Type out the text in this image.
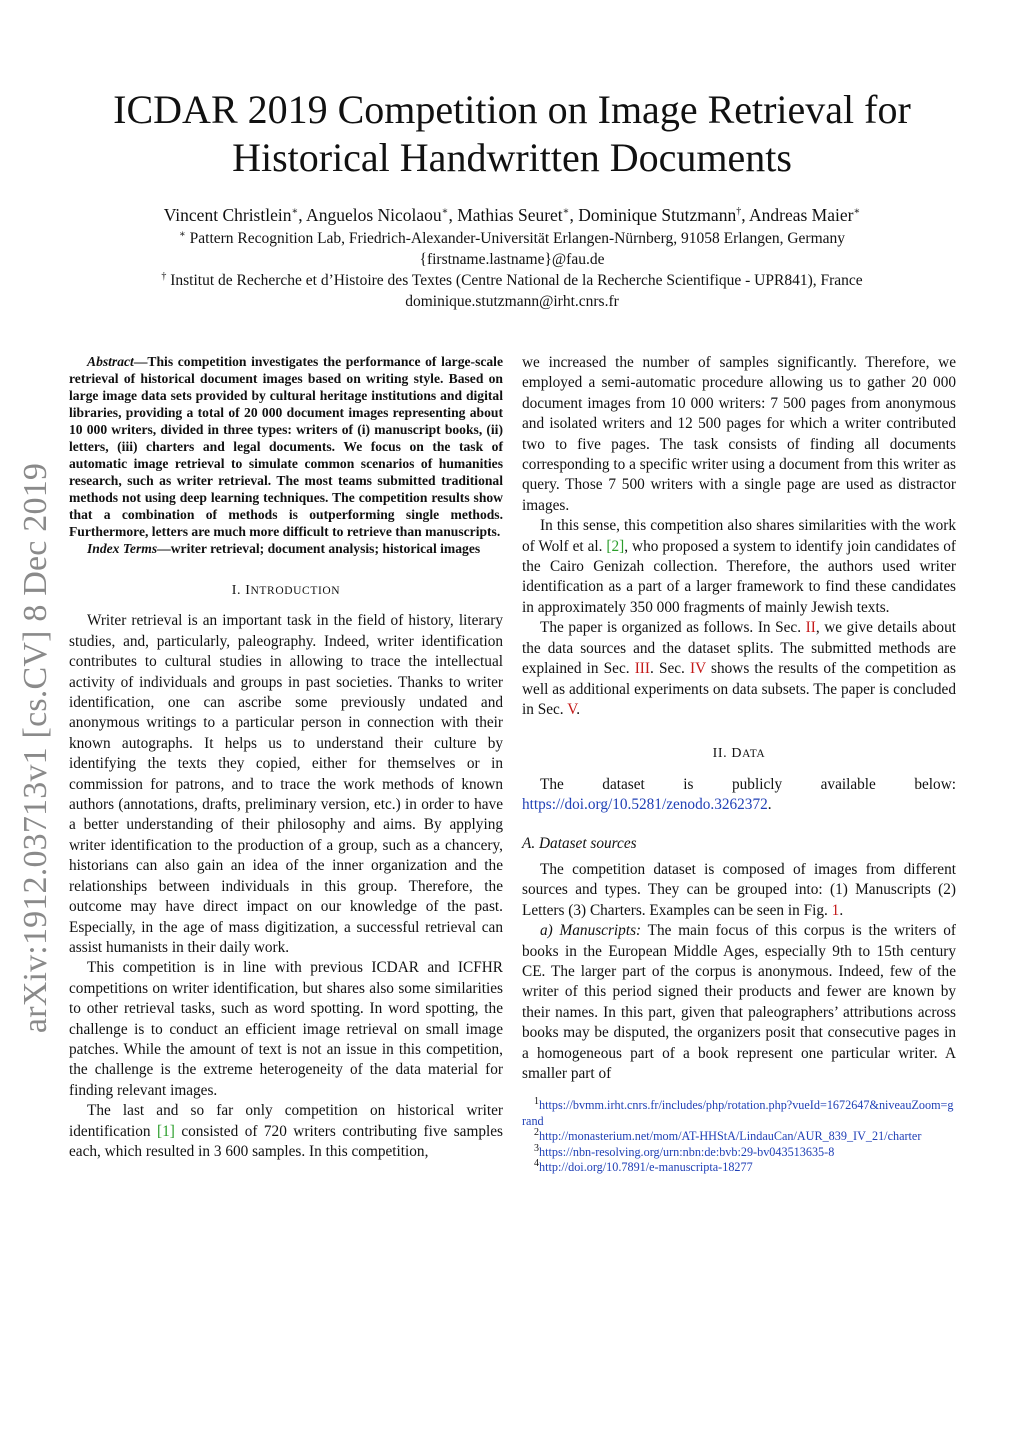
arXiv:1912.03713v1 [cs.CV] 8 Dec 2019
ICDAR 2019 Competition on Image Retrieval for
Historical Handwritten Documents
Vincent Christlein∗, Anguelos Nicolaou∗, Mathias Seuret∗, Dominique Stutzmann†, Andreas Maier∗
∗ Pattern Recognition Lab, Friedrich-Alexander-Universität Erlangen-Nürnberg, 91058 Erlangen, Germany
{firstname.lastname}@fau.de
† Institut de Recherche et d’Histoire des Textes (Centre National de la Recherche Scientifique - UPR841), France
dominique.stutzmann@irht.cnrs.fr

Abstract—This competition investigates the performance of large-scale retrieval of historical document images based on writing style. Based on large image data sets provided by cultural heritage institutions and digital libraries, providing a total of 20 000 document images representing about 10 000 writers, divided in three types: writers of (i) manuscript books, (ii) letters, (iii) charters and legal documents. We focus on the task of automatic image retrieval to simulate common scenarios of humanities research, such as writer retrieval. The most teams submitted traditional methods not using deep learning techniques. The competition results show that a combination of methods is outperforming single methods. Furthermore, letters are much more difficult to retrieve than manuscripts.

Index Terms—writer retrieval; document analysis; historical images

I. INTRODUCTION

Writer retrieval is an important task in the field of history, literary studies, and, particularly, paleography. Indeed, writer identification contributes to cultural studies in allowing to trace the intellectual activity of individuals and groups in past societies. Thanks to writer identification, one can ascribe some previously undated and anonymous writings to a particular person in connection with their known autographs. It helps us to understand their culture by identifying the texts they copied, either for themselves or in commission for patrons, and to trace the work methods of known authors (annotations, drafts, preliminary version, etc.) in order to have a better understanding of their philosophy and aims. By applying writer identification to the production of a group, such as a chancery, historians can also gain an idea of the inner organization and the relationships between individuals in this group. Therefore, the outcome may have direct impact on our knowledge of the past. Especially, in the age of mass digitization, a successful retrieval can assist humanists in their daily work.

This competition is in line with previous ICDAR and ICFHR competitions on writer identification, but shares also some similarities to other retrieval tasks, such as word spotting. In word spotting, the challenge is to conduct an efficient image retrieval on small image patches. While the amount of text is not an issue in this competition, the challenge is the extreme heterogeneity of the data material for finding relevant images.

The last and so far only competition on historical writer identification [1] consisted of 720 writers contributing five samples each, which resulted in 3 600 samples. In this competition,

we increased the number of samples significantly. Therefore, we employed a semi-automatic procedure allowing us to gather 20 000 document images from 10 000 writers: 7 500 pages from anonymous and isolated writers and 12 500 pages for which a writer contributed two to five pages. The task consists of finding all documents corresponding to a specific writer using a document from this writer as query. Those 7 500 writers with a single page are used as distractor images.

In this sense, this competition also shares similarities with the work of Wolf et al. [2], who proposed a system to identify join candidates of the Cairo Genizah collection. Therefore, the authors used writer identification as a part of a larger framework to find these candidates in approximately 350 000 fragments of mainly Jewish texts.

The paper is organized as follows. In Sec. II, we give details about the data sources and the dataset splits. The submitted methods are explained in Sec. III. Sec. IV shows the results of the competition as well as additional experiments on data subsets. The paper is concluded in Sec. V.

II. DATA

The dataset is publicly available below: https://doi.org/10.5281/zenodo.3262372.

A. Dataset sources

The competition dataset is composed of images from different sources and types. They can be grouped into: (1) Manuscripts (2) Letters (3) Charters. Examples can be seen in Fig. 1.

a) Manuscripts: The main focus of this corpus is the writers of books in the European Middle Ages, especially 9th to 15th century CE. The larger part of the corpus is anonymous. Indeed, few of the writer of this period signed their products and fewer are known by their names. In this part, given that paleographers’ attributions across books may be disputed, the organizers posit that consecutive pages in a homogeneous part of a book represent one particular writer. A smaller part of

$^1$https://bvmm.irht.cnrs.fr/includes/php/rotation.php?vueId=1672647&niveauZoom=grand
$^2$http://monasterium.net/mom/AT-HHStA/LindauCan/AUR_839_IV_21/charter
$^3$https://nbn-resolving.org/urn:nbn:de:bvb:29-bv043513635-8
$^4$http://doi.org/10.7891/e-manuscripta-18277
